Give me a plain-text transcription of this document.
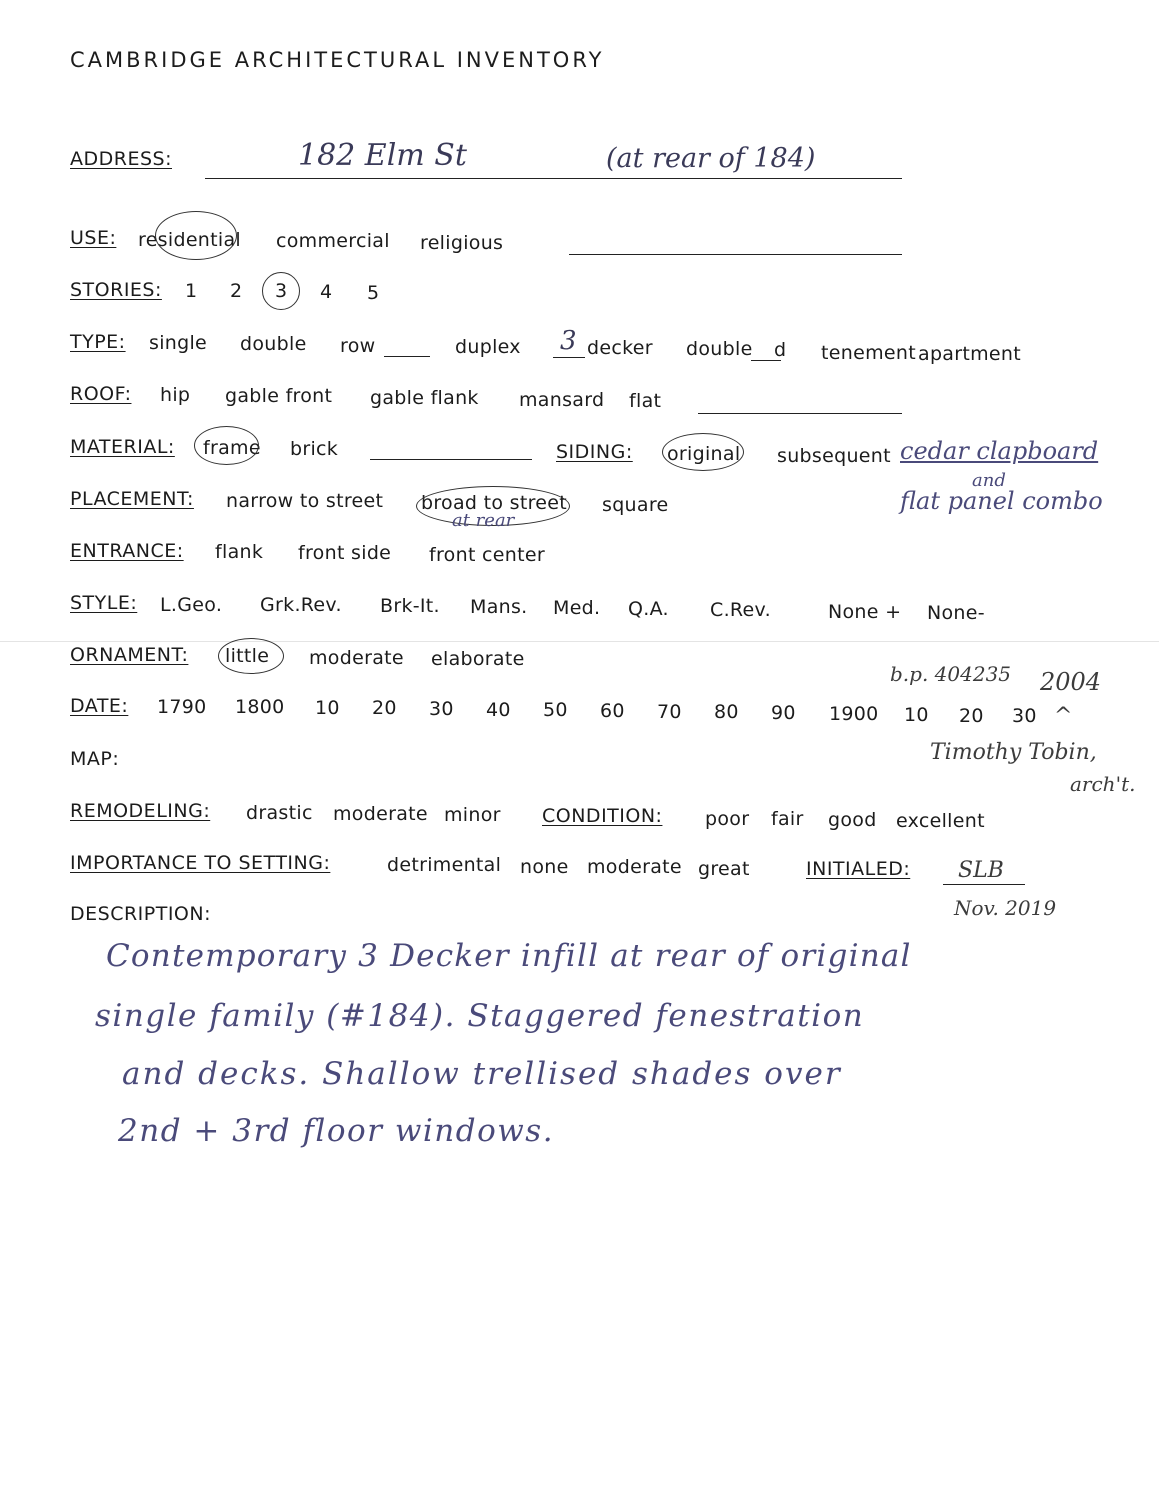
CAMBRIDGE ARCHITECTURAL INVENTORY
ADDRESS:	182 Elm St	(at rear of 184)
USE: residential commercial religious
STORIES: 1 2 3 4 5
TYPE: single double row	duplex 3 decker double d tenement apartment
ROOF: hip gable front gable flank mansard flat
MATERIAL: frame brick	SIDING: original subsequent cedar clapboard
and
flat panel combo
PLACEMENT: narrow to street broad to street
at rear
square
ENTRANCE: flank front side front center
STYLE: L.Geo. Grk.Rev. Brk-It. Mans. Med. Q.A. C.Rev.	None + None-
ORNAMENT: little moderate elaborate
b.p. 404235 2004
DATE: 1790 1800 10 20 30 40 50 60 70 80 90 1900 10 20 30 ^
MAP:	Timothy Tobin,
arch't.
REMODELING: drastic moderate minor CONDITION: poor fair good excellent
IMPORTANCE TO SETTING:	detrimental none moderate great	INITIALED: SLB
Nov. 2019
DESCRIPTION:
Contemporary 3 Decker infill at rear of original
single family (#184). Staggered fenestration
and decks. Shallow trellised shades over
2nd + 3rd floor windows.
